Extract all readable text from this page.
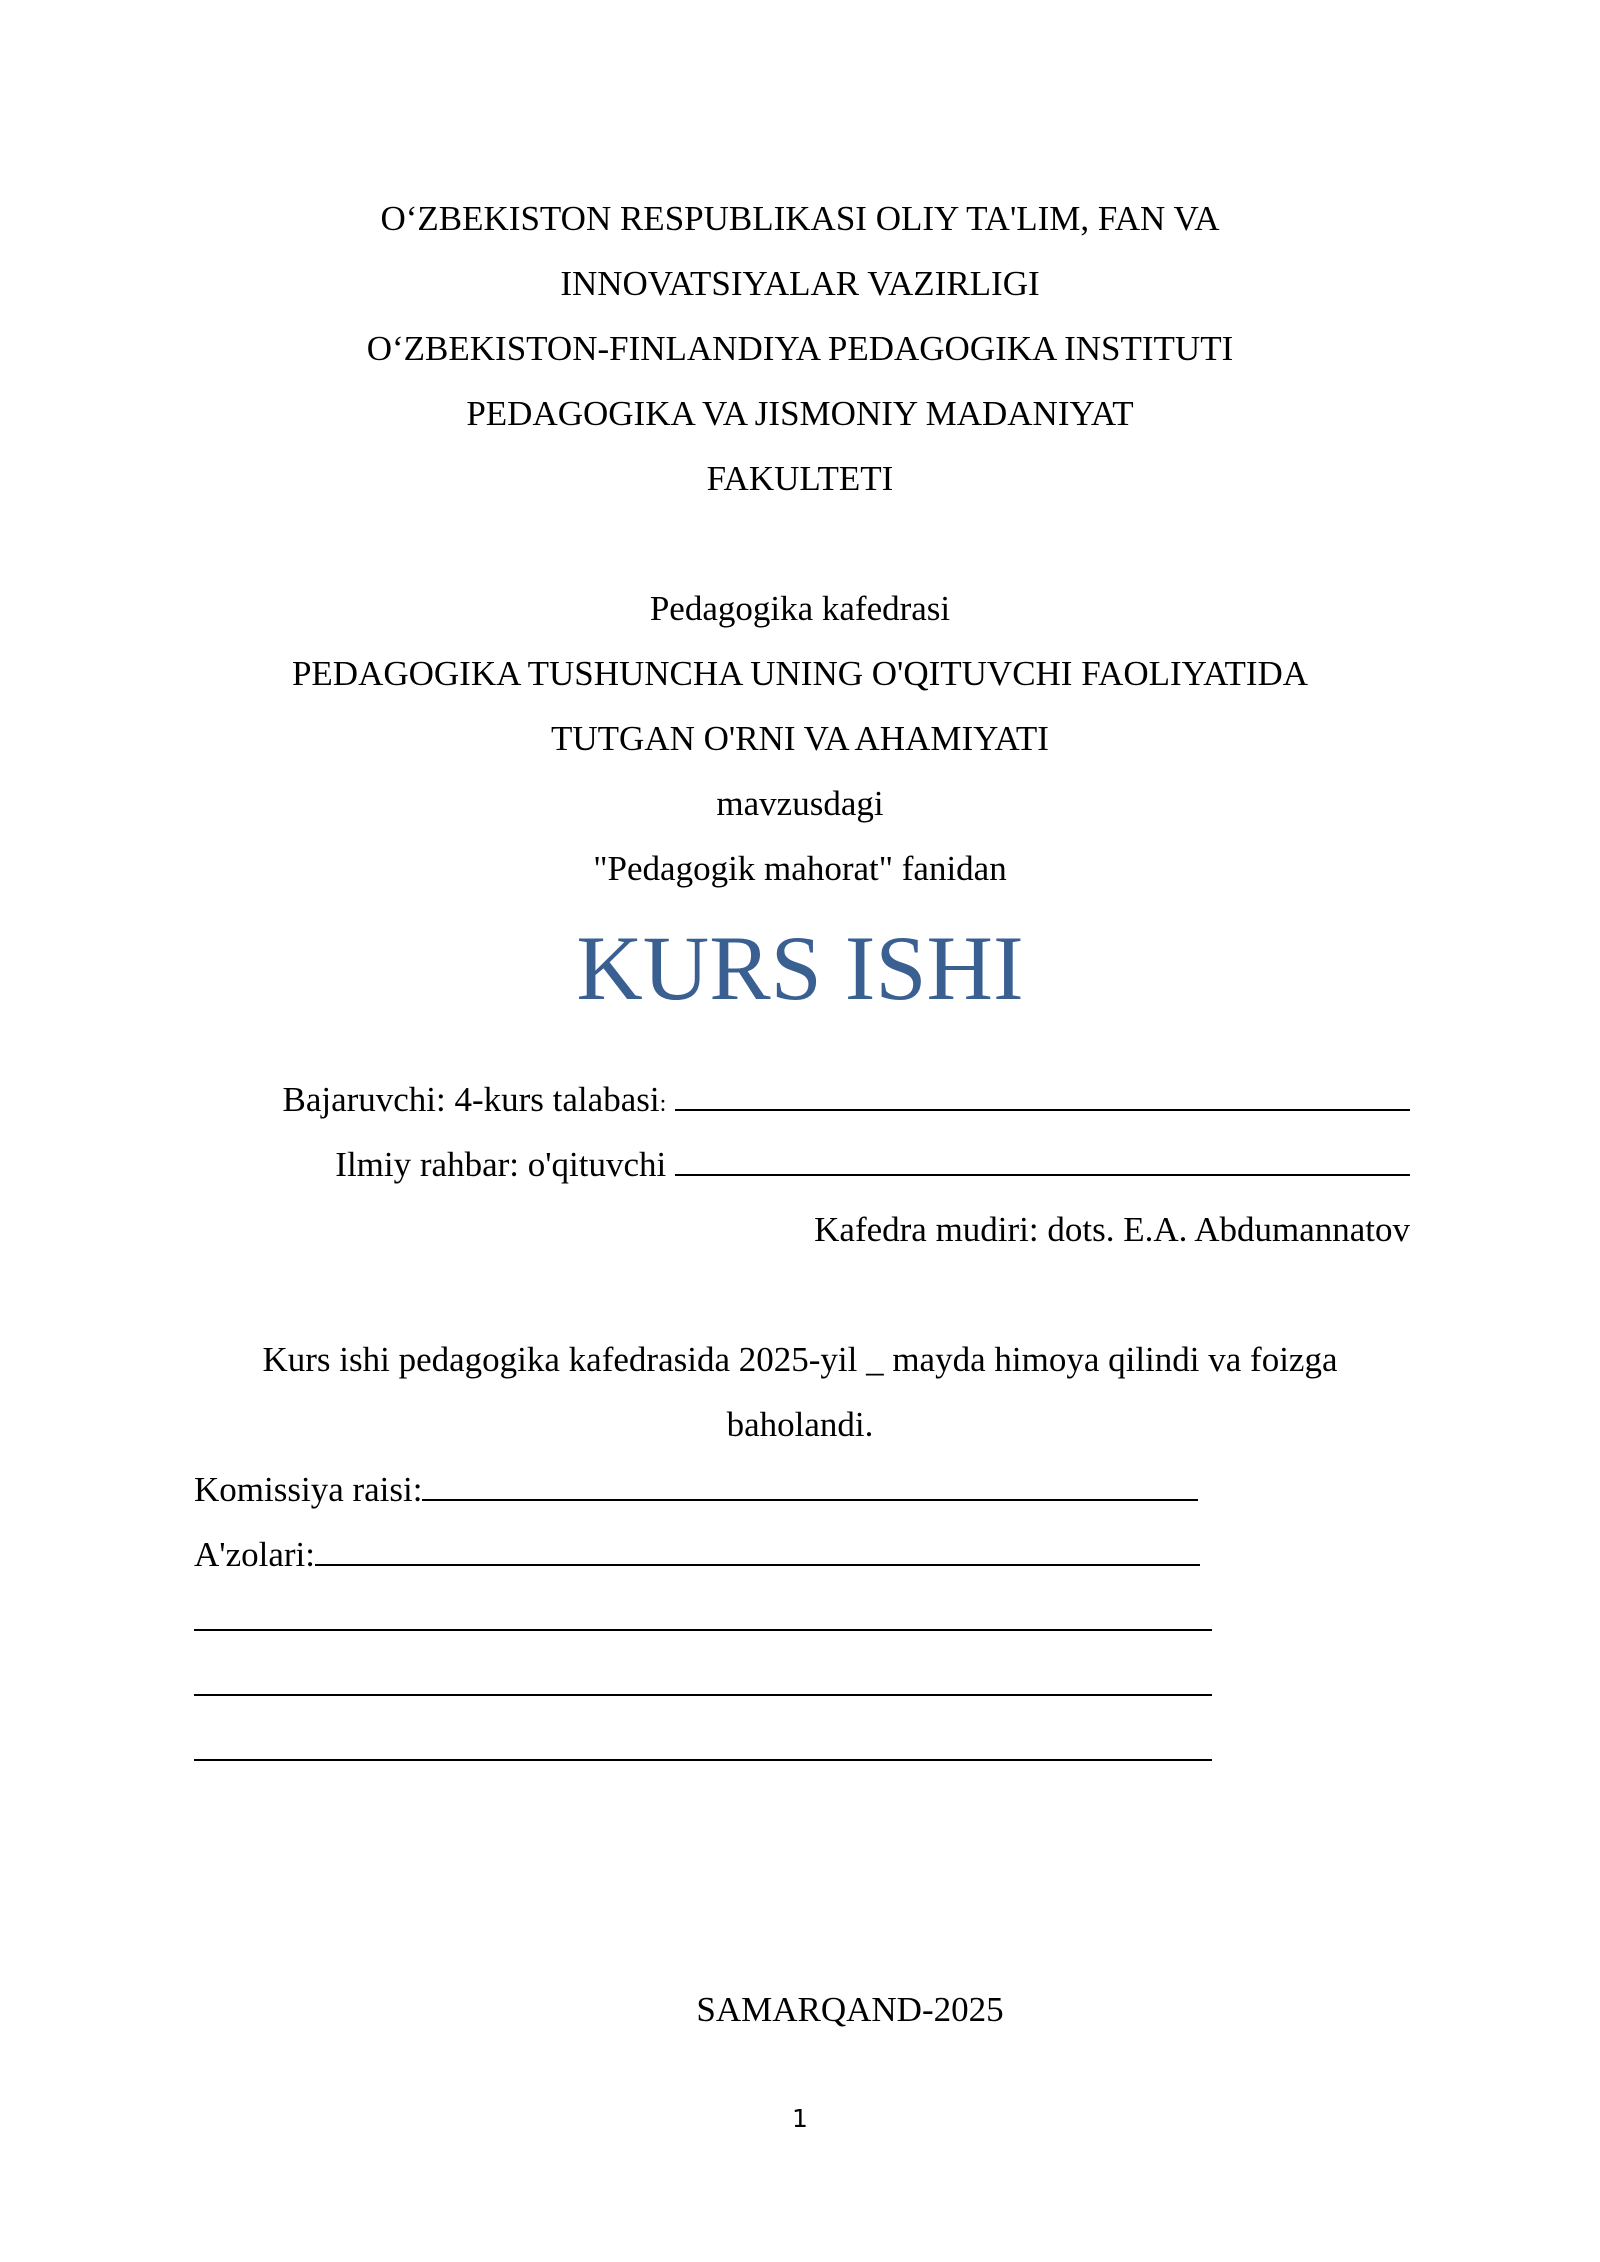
O‘ZBEKISTON RESPUBLIKASI OLIY TA'LIM, FAN VA
INNOVATSIYALAR VAZIRLIGI
O‘ZBEKISTON-FINLANDIYA PEDAGOGIKA INSTITUTI
PEDAGOGIKA VA JISMONIY MADANIYAT
FAKULTETI
Pedagogika kafedrasi
PEDAGOGIKA TUSHUNCHA UNING O'QITUVCHI FAOLIYATIDA
TUTGAN O'RNI VA AHAMIYATI
mavzusdagi
"Pedagogik mahorat" fanidan
KURS ISHI
Bajaruvchi: 4-kurs talabasi:
Ilmiy rahbar: o'qituvchi
Kafedra mudiri: dots. E.A. Abdumannatov
Kurs ishi pedagogika kafedrasida 2025-yil _ mayda himoya qilindi va foizga
baholandi.
Komissiya raisi:
A'zolari:
SAMARQAND-2025
1
